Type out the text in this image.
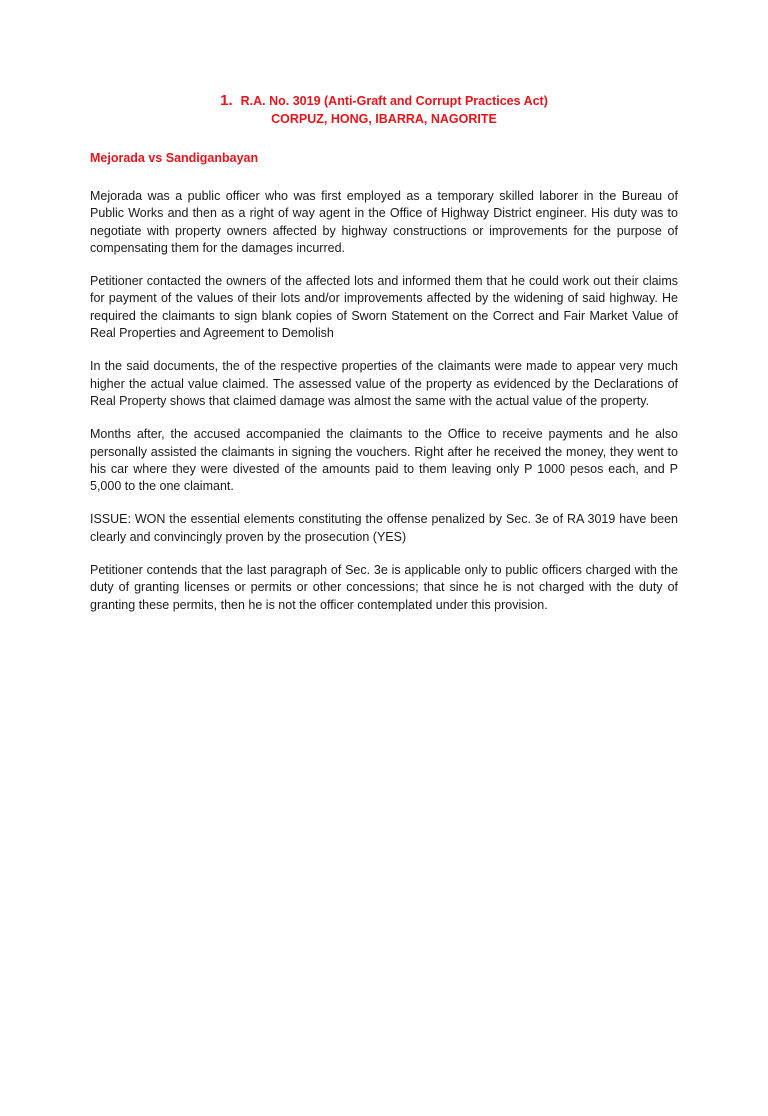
1. R.A. No. 3019 (Anti-Graft and Corrupt Practices Act)
CORPUZ, HONG, IBARRA, NAGORITE
Mejorada vs Sandiganbayan

Mejorada was a public officer who was first employed as a temporary skilled laborer in the Bureau of Public Works and then as a right of way agent in the Office of Highway District engineer. His duty was to negotiate with property owners affected by highway constructions or improvements for the purpose of compensating them for the damages incurred.

Petitioner contacted the owners of the affected lots and informed them that he could work out their claims for payment of the values of their lots and/or improvements affected by the widening of said highway. He required the claimants to sign blank copies of Sworn Statement on the Correct and Fair Market Value of Real Properties and Agreement to Demolish

In the said documents, the of the respective properties of the claimants were made to appear very much higher the actual value claimed. The assessed value of the property as evidenced by the Declarations of Real Property shows that claimed damage was almost the same with the actual value of the property.

Months after, the accused accompanied the claimants to the Office to receive payments and he also personally assisted the claimants in signing the vouchers. Right after he received the money, they went to his car where they were divested of the amounts paid to them leaving only P 1000 pesos each, and P 5,000 to the one claimant.

ISSUE: WON the essential elements constituting the offense penalized by Sec. 3e of RA 3019 have been clearly and convincingly proven by the prosecution (YES)

Petitioner contends that the last paragraph of Sec. 3e is applicable only to public officers charged with the duty of granting licenses or permits or other concessions; that since he is not charged with the duty of granting these permits, then he is not the officer contemplated under this provision.
